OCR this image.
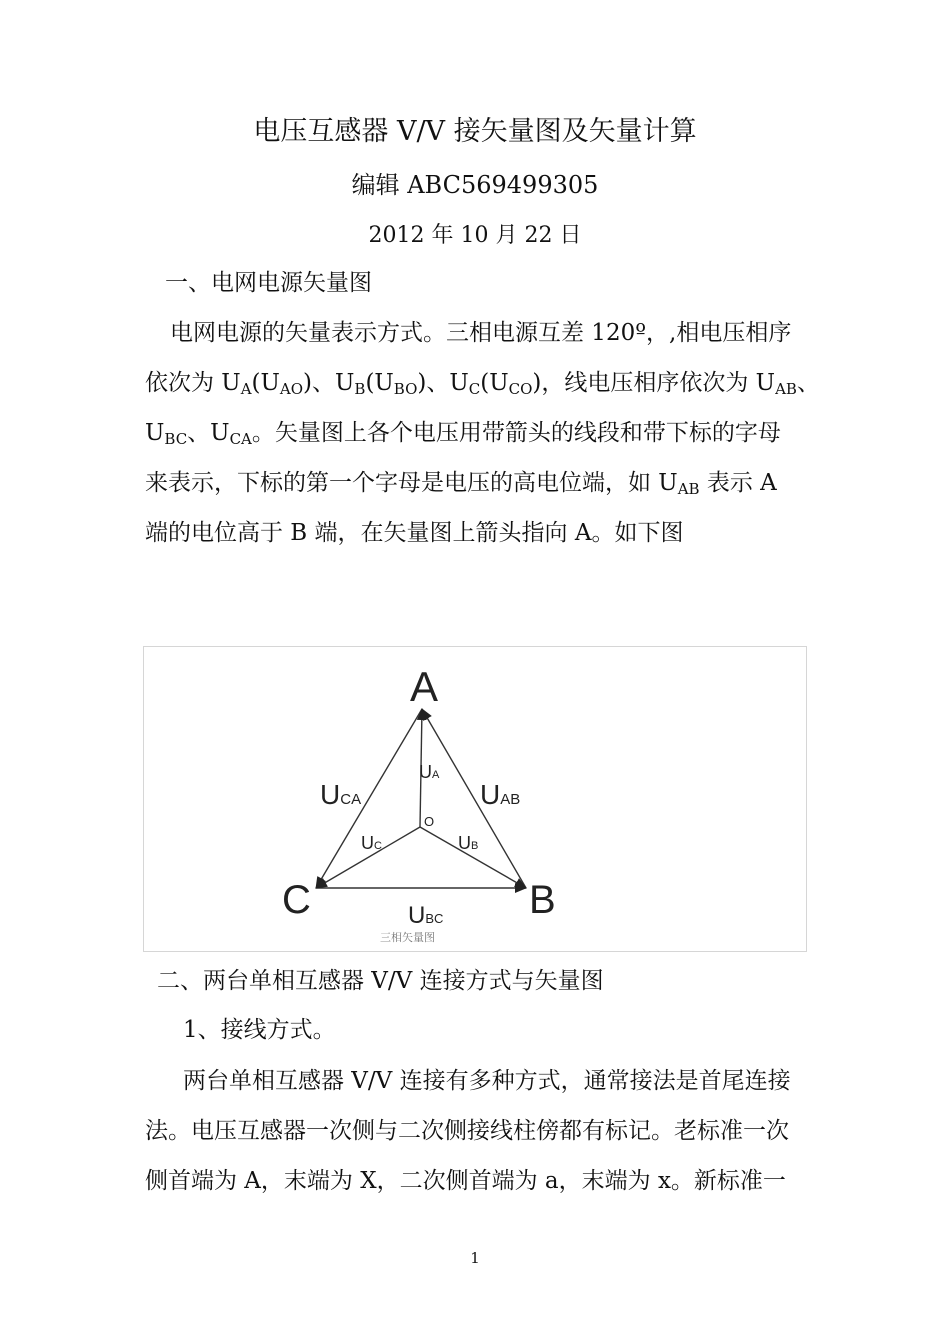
电压互感器 V/V 接矢量图及矢量计算
编辑 ABC569499305
2012 年 10 月 22 日
一、电网电源矢量图
电网电源的矢量表示方式。三相电源互差 120º，,相电压相序
依次为 $U_A(U_{AO})$、$U_B(U_{BO})$、$U_C(U_{CO})$，线电压相序依次为 $U_{AB}$、
$U_{BC}$、$U_{CA}$。矢量图上各个电压用带箭头的线段和带下标的字母
来表示，下标的第一个字母是电压的高电位端，如 $U_{AB}$ 表示 A
端的电位高于 B 端，在矢量图上箭头指向 A。如下图
A
B
C
O
UA
UB
UC
UAB
UCA
UBC
三相矢量图
二、两台单相互感器 V/V 连接方式与矢量图
1、接线方式。
两台单相互感器 V/V 连接有多种方式，通常接法是首尾连接
法。电压互感器一次侧与二次侧接线柱傍都有标记。老标准一次
侧首端为 A，末端为 X，二次侧首端为 a，末端为 x。新标准一
1
